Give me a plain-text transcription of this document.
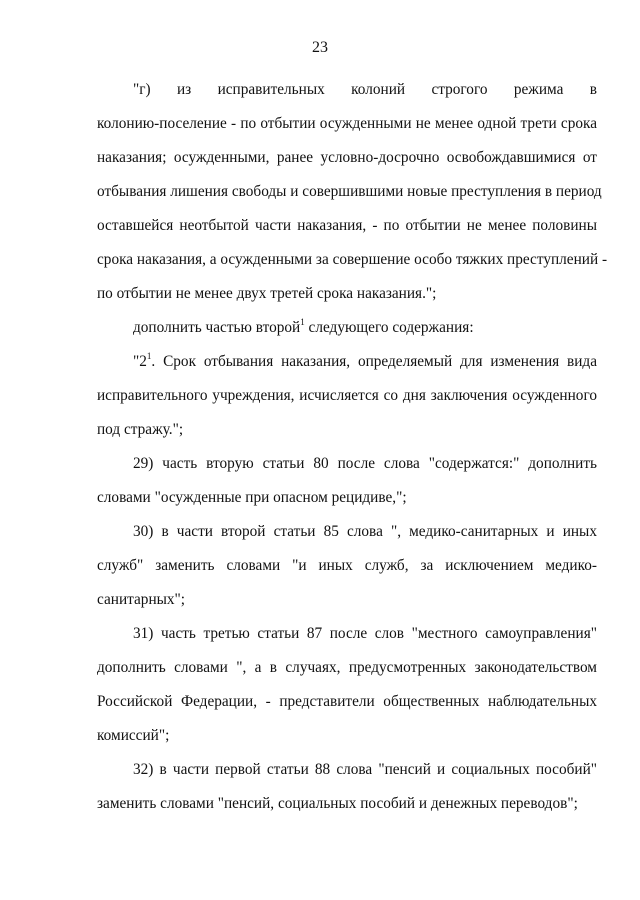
23
"г) из исправительных колоний строгого режима в
колонию-поселение - по отбытии осужденными не менее одной трети срока
наказания; осужденными, ранее условно-досрочно освобождавшимися от
отбывания лишения свободы и совершившими новые преступления в период
оставшейся неотбытой части наказания, - по отбытии не менее половины
срока наказания, а осужденными за совершение особо тяжких преступлений -
по отбытии не менее двух третей срока наказания.";
дополнить частью второй$^1$ следующего содержания:
"$2^1$. Срок отбывания наказания, определяемый для изменения вида
исправительного учреждения, исчисляется со дня заключения осужденного
под стражу.";
29) часть вторую статьи 80 после слова "содержатся:" дополнить
словами "осужденные при опасном рецидиве,";
30) в части второй статьи 85 слова ", медико-санитарных и иных
служб" заменить словами "и иных служб, за исключением медико-
санитарных";
31) часть третью статьи 87 после слов "местного самоуправления"
дополнить словами ", а в случаях, предусмотренных законодательством
Российской Федерации, - представители общественных наблюдательных
комиссий";
32) в части первой статьи 88 слова "пенсий и социальных пособий"
заменить словами "пенсий, социальных пособий и денежных переводов";
